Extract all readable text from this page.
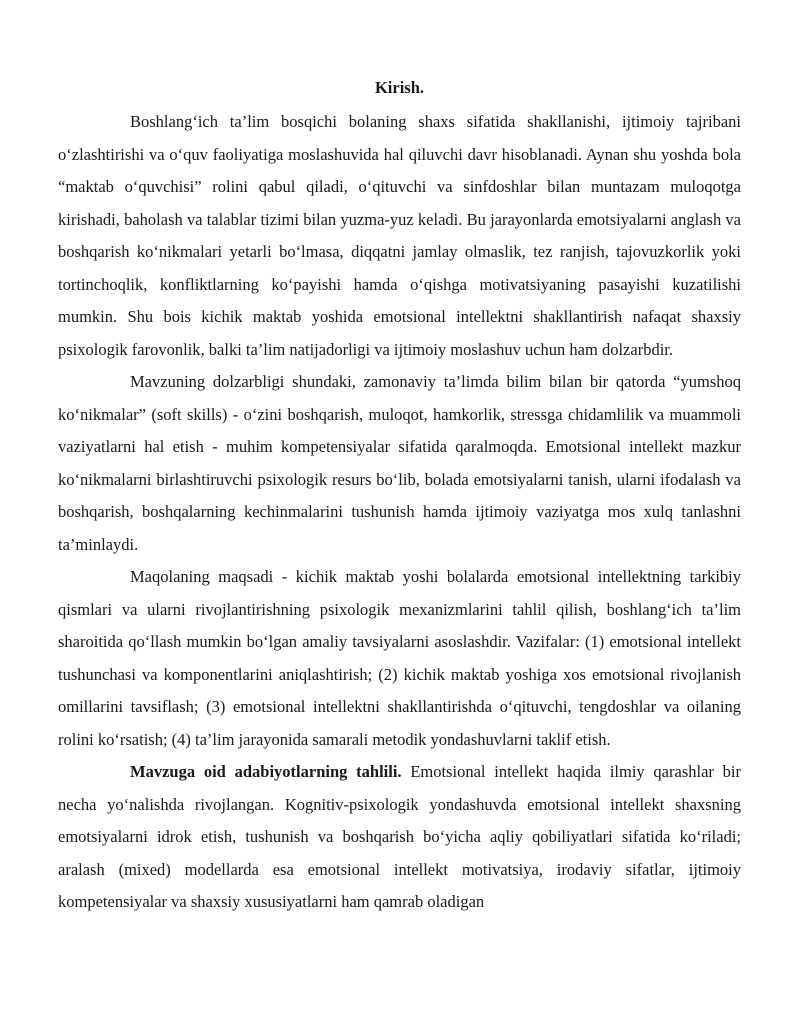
Kirish.

Boshlang‘ich ta’lim bosqichi bolaning shaxs sifatida shakllanishi, ijtimoiy tajribani o‘zlashtirishi va o‘quv faoliyatiga moslashuvida hal qiluvchi davr hisoblanadi. Aynan shu yoshda bola “maktab o‘quvchisi” rolini qabul qiladi, o‘qituvchi va sinfdoshlar bilan muntazam muloqotga kirishadi, baholash va talablar tizimi bilan yuzma-yuz keladi. Bu jarayonlarda emotsiyalarni anglash va boshqarish ko‘nikmalari yetarli bo‘lmasa, diqqatni jamlay olmaslik, tez ranjish, tajovuzkorlik yoki tortinchoqlik, konfliktlarning ko‘payishi hamda o‘qishga motivatsiyaning pasayishi kuzatilishi mumkin. Shu bois kichik maktab yoshida emotsional intellektni shakllantirish nafaqat shaxsiy psixologik farovonlik, balki ta’lim natijadorligi va ijtimoiy moslashuv uchun ham dolzarbdir.

Mavzuning dolzarbligi shundaki, zamonaviy ta’limda bilim bilan bir qatorda “yumshoq ko‘nikmalar” (soft skills) - o‘zini boshqarish, muloqot, hamkorlik, stressga chidamlilik va muammoli vaziyatlarni hal etish - muhim kompetensiyalar sifatida qaralmoqda. Emotsional intellekt mazkur ko‘nikmalarni birlashtiruvchi psixologik resurs bo‘lib, bolada emotsiyalarni tanish, ularni ifodalash va boshqarish, boshqalarning kechinmalarini tushunish hamda ijtimoiy vaziyatga mos xulq tanlashni ta’minlaydi.

Maqolaning maqsadi - kichik maktab yoshi bolalarda emotsional intellektning tarkibiy qismlari va ularni rivojlantirishning psixologik mexanizmlarini tahlil qilish, boshlang‘ich ta’lim sharoitida qo‘llash mumkin bo‘lgan amaliy tavsiyalarni asoslashdir. Vazifalar: (1) emotsional intellekt tushunchasi va komponentlarini aniqlashtirish; (2) kichik maktab yoshiga xos emotsional rivojlanish omillarini tavsiflash; (3) emotsional intellektni shakllantirishda o‘qituvchi, tengdoshlar va oilaning rolini ko‘rsatish; (4) ta’lim jarayonida samarali metodik yondashuvlarni taklif etish.

Mavzuga oid adabiyotlarning tahlili. Emotsional intellekt haqida ilmiy qarashlar bir necha yo‘nalishda rivojlangan. Kognitiv-psixologik yondashuvda emotsional intellekt shaxsning emotsiyalarni idrok etish, tushunish va boshqarish bo‘yicha aqliy qobiliyatlari sifatida ko‘riladi; aralash (mixed) modellarda esa emotsional intellekt motivatsiya, irodaviy sifatlar, ijtimoiy kompetensiyalar va shaxsiy xususiyatlarni ham qamrab oladigan
